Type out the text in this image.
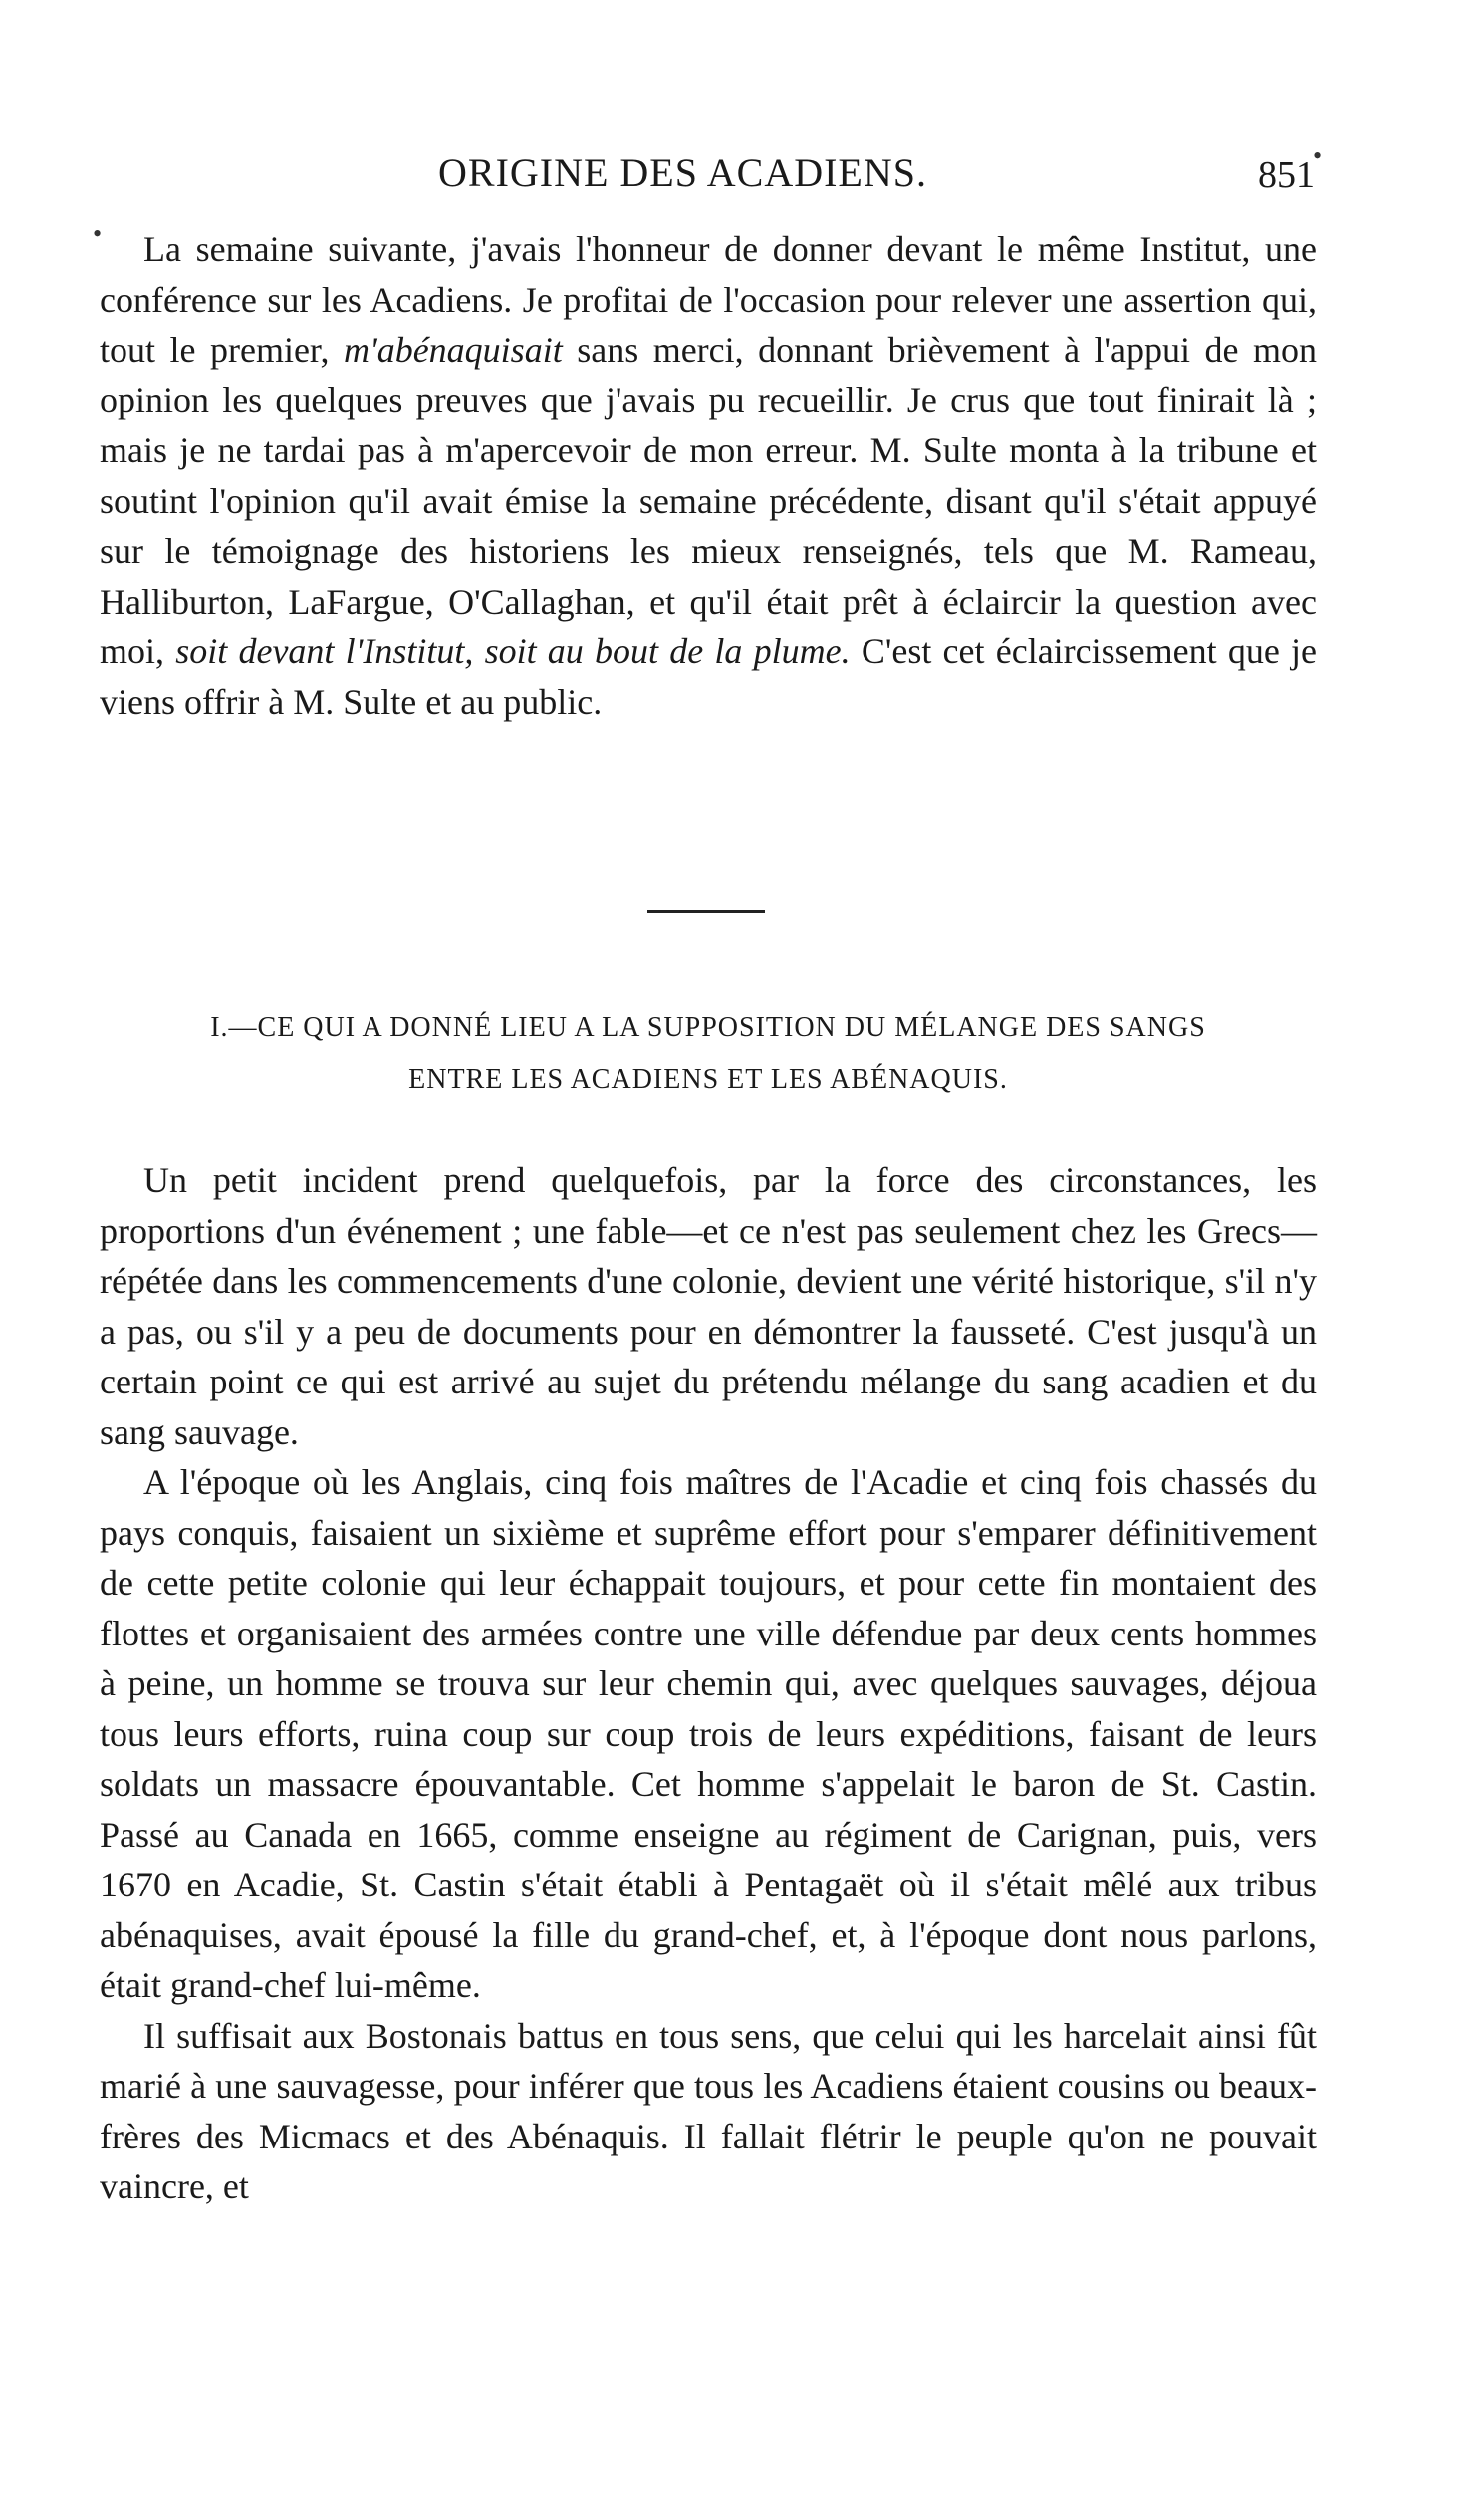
ORIGINE DES ACADIENS.	851
•
•	La semaine suivante, j'avais l'honneur de donner devant le même Institut, une conférence sur les Acadiens. Je profitai de l'occasion pour relever une assertion qui, tout le premier, m'abénaquisait sans merci, donnant brièvement à l'appui de mon opinion les quelques preuves que j'avais pu recueillir. Je crus que tout finirait là ; mais je ne tardai pas à m'apercevoir de mon erreur. M. Sulte monta à la tribune et soutint l'opinion qu'il avait émise la semaine précédente, disant qu'il s'était appuyé sur le témoignage des historiens les mieux renseignés, tels que M. Rameau, Halliburton, LaFargue, O'Callaghan, et qu'il était prêt à éclaircir la question avec moi, soit devant l'Institut, soit au bout de la plume. C'est cet éclaircissement que je viens offrir à M. Sulte et au public.

I.—CE QUI A DONNÉ LIEU A LA SUPPOSITION DU MÉLANGE DES SANGS
ENTRE LES ACADIENS ET LES ABÉNAQUIS.

Un petit incident prend quelquefois, par la force des circonstances, les proportions d'un événement ; une fable—et ce n'est pas seulement chez les Grecs—répétée dans les commencements d'une colonie, devient une vérité historique, s'il n'y a pas, ou s'il y a peu de documents pour en démontrer la fausseté. C'est jusqu'à un certain point ce qui est arrivé au sujet du prétendu mélange du sang acadien et du sang sauvage.

A l'époque où les Anglais, cinq fois maîtres de l'Acadie et cinq fois chassés du pays conquis, faisaient un sixième et suprême effort pour s'emparer définitivement de cette petite colonie qui leur échappait toujours, et pour cette fin montaient des flottes et organisaient des armées contre une ville défendue par deux cents hommes à peine, un homme se trouva sur leur chemin qui, avec quelques sauvages, déjoua tous leurs efforts, ruina coup sur coup trois de leurs expéditions, faisant de leurs soldats un massacre épouvantable. Cet homme s'appelait le baron de St. Castin. Passé au Canada en 1665, comme enseigne au régiment de Carignan, puis, vers 1670 en Acadie, St. Castin s'était établi à Pentagaët où il s'était mêlé aux tribus abénaquises, avait épousé la fille du grand-chef, et, à l'époque dont nous parlons, était grand-chef lui-même.

Il suffisait aux Bostonais battus en tous sens, que celui qui les harcelait ainsi fût marié à une sauvagesse, pour inférer que tous les Acadiens étaient cousins ou beaux-frères des Micmacs et des Abénaquis. Il fallait flétrir le peuple qu'on ne pouvait vaincre, et
